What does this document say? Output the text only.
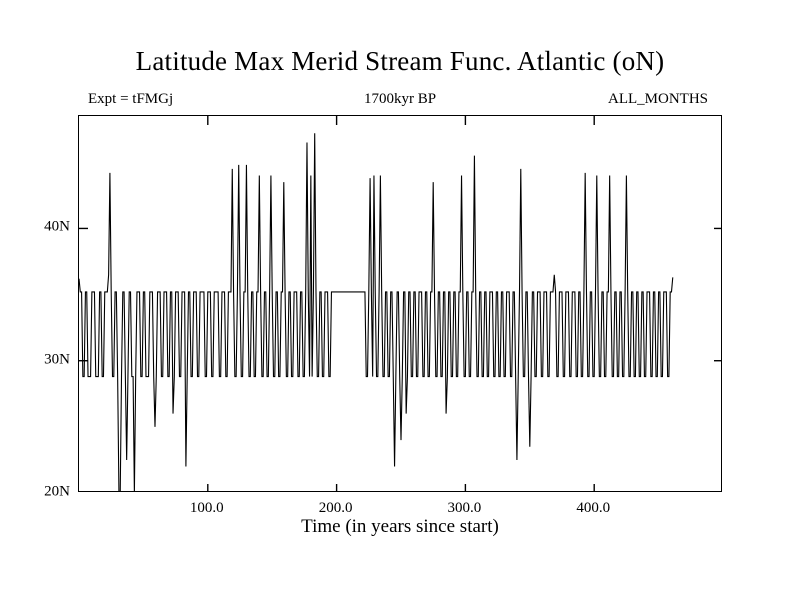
Latitude Max Merid Stream Func. Atlantic (oN)
Expt = tFMGj	1700kyr BP	ALL_MONTHS
20N
30N
40N
100.0	200.0	300.0	400.0
Time (in years since start)
